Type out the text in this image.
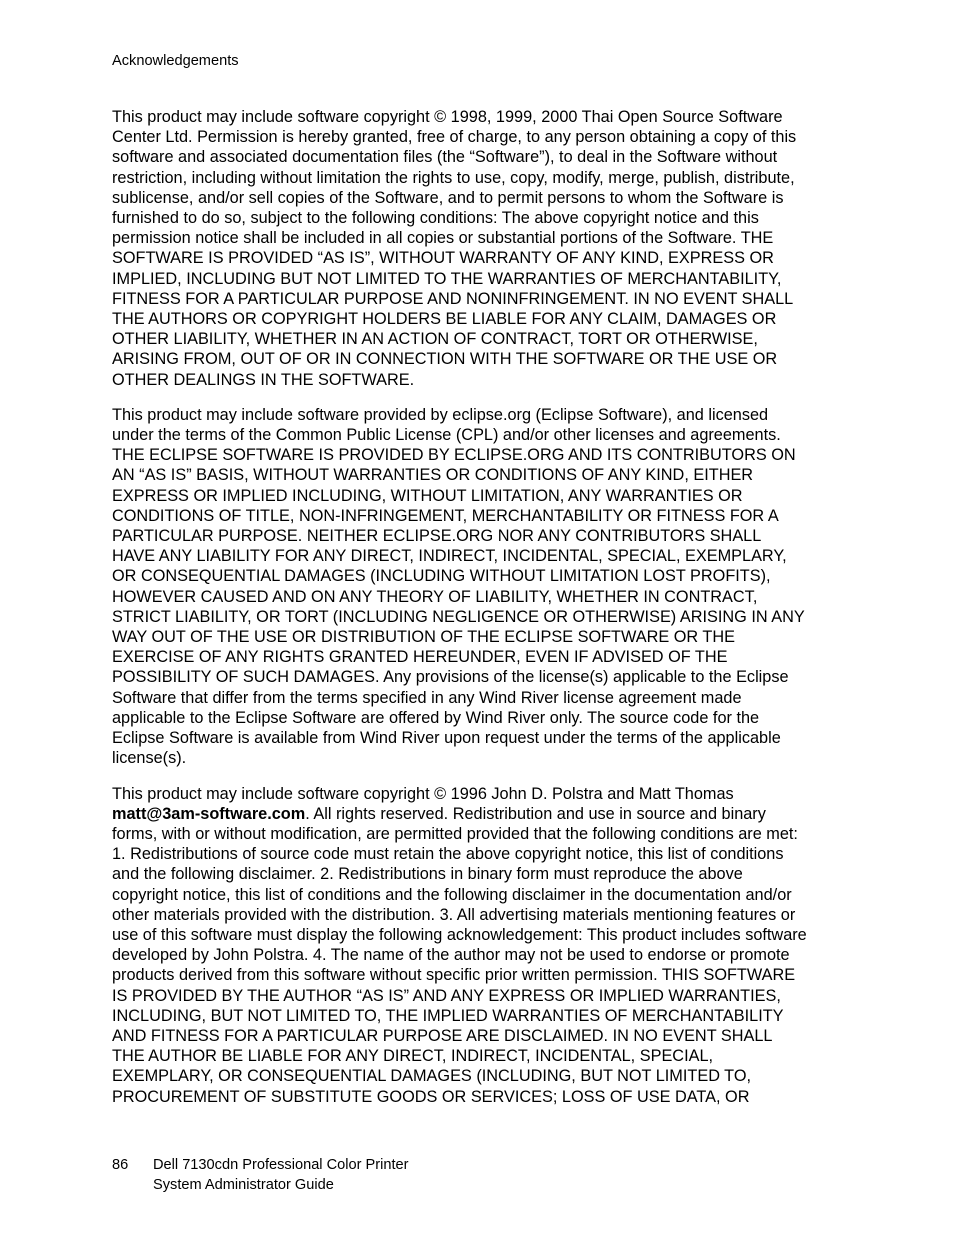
Acknowledgements
This product may include software copyright © 1998, 1999, 2000 Thai Open Source Software
Center Ltd. Permission is hereby granted, free of charge, to any person obtaining a copy of this
software and associated documentation files (the “Software”), to deal in the Software without
restriction, including without limitation the rights to use, copy, modify, merge, publish, distribute,
sublicense, and/or sell copies of the Software, and to permit persons to whom the Software is
furnished to do so, subject to the following conditions: The above copyright notice and this
permission notice shall be included in all copies or substantial portions of the Software. THE
SOFTWARE IS PROVIDED “AS IS”, WITHOUT WARRANTY OF ANY KIND, EXPRESS OR
IMPLIED, INCLUDING BUT NOT LIMITED TO THE WARRANTIES OF MERCHANTABILITY,
FITNESS FOR A PARTICULAR PURPOSE AND NONINFRINGEMENT. IN NO EVENT SHALL
THE AUTHORS OR COPYRIGHT HOLDERS BE LIABLE FOR ANY CLAIM, DAMAGES OR
OTHER LIABILITY, WHETHER IN AN ACTION OF CONTRACT, TORT OR OTHERWISE,
ARISING FROM, OUT OF OR IN CONNECTION WITH THE SOFTWARE OR THE USE OR
OTHER DEALINGS IN THE SOFTWARE.
This product may include software provided by eclipse.org (Eclipse Software), and licensed
under the terms of the Common Public License (CPL) and/or other licenses and agreements.
THE ECLIPSE SOFTWARE IS PROVIDED BY ECLIPSE.ORG AND ITS CONTRIBUTORS ON
AN “AS IS” BASIS, WITHOUT WARRANTIES OR CONDITIONS OF ANY KIND, EITHER
EXPRESS OR IMPLIED INCLUDING, WITHOUT LIMITATION, ANY WARRANTIES OR
CONDITIONS OF TITLE, NON-INFRINGEMENT, MERCHANTABILITY OR FITNESS FOR A
PARTICULAR PURPOSE. NEITHER ECLIPSE.ORG NOR ANY CONTRIBUTORS SHALL
HAVE ANY LIABILITY FOR ANY DIRECT, INDIRECT, INCIDENTAL, SPECIAL, EXEMPLARY,
OR CONSEQUENTIAL DAMAGES (INCLUDING WITHOUT LIMITATION LOST PROFITS),
HOWEVER CAUSED AND ON ANY THEORY OF LIABILITY, WHETHER IN CONTRACT,
STRICT LIABILITY, OR TORT (INCLUDING NEGLIGENCE OR OTHERWISE) ARISING IN ANY
WAY OUT OF THE USE OR DISTRIBUTION OF THE ECLIPSE SOFTWARE OR THE
EXERCISE OF ANY RIGHTS GRANTED HEREUNDER, EVEN IF ADVISED OF THE
POSSIBILITY OF SUCH DAMAGES. Any provisions of the license(s) applicable to the Eclipse
Software that differ from the terms specified in any Wind River license agreement made
applicable to the Eclipse Software are offered by Wind River only. The source code for the
Eclipse Software is available from Wind River upon request under the terms of the applicable
license(s).
This product may include software copyright © 1996 John D. Polstra and Matt Thomas
matt@3am-software.com. All rights reserved. Redistribution and use in source and binary
forms, with or without modification, are permitted provided that the following conditions are met:
1. Redistributions of source code must retain the above copyright notice, this list of conditions
and the following disclaimer. 2. Redistributions in binary form must reproduce the above
copyright notice, this list of conditions and the following disclaimer in the documentation and/or
other materials provided with the distribution. 3. All advertising materials mentioning features or
use of this software must display the following acknowledgement: This product includes software
developed by John Polstra. 4. The name of the author may not be used to endorse or promote
products derived from this software without specific prior written permission. THIS SOFTWARE
IS PROVIDED BY THE AUTHOR “AS IS” AND ANY EXPRESS OR IMPLIED WARRANTIES,
INCLUDING, BUT NOT LIMITED TO, THE IMPLIED WARRANTIES OF MERCHANTABILITY
AND FITNESS FOR A PARTICULAR PURPOSE ARE DISCLAIMED. IN NO EVENT SHALL
THE AUTHOR BE LIABLE FOR ANY DIRECT, INDIRECT, INCIDENTAL, SPECIAL,
EXEMPLARY, OR CONSEQUENTIAL DAMAGES (INCLUDING, BUT NOT LIMITED TO,
PROCUREMENT OF SUBSTITUTE GOODS OR SERVICES; LOSS OF USE DATA, OR
86 Dell 7130cdn Professional Color Printer
System Administrator Guide
